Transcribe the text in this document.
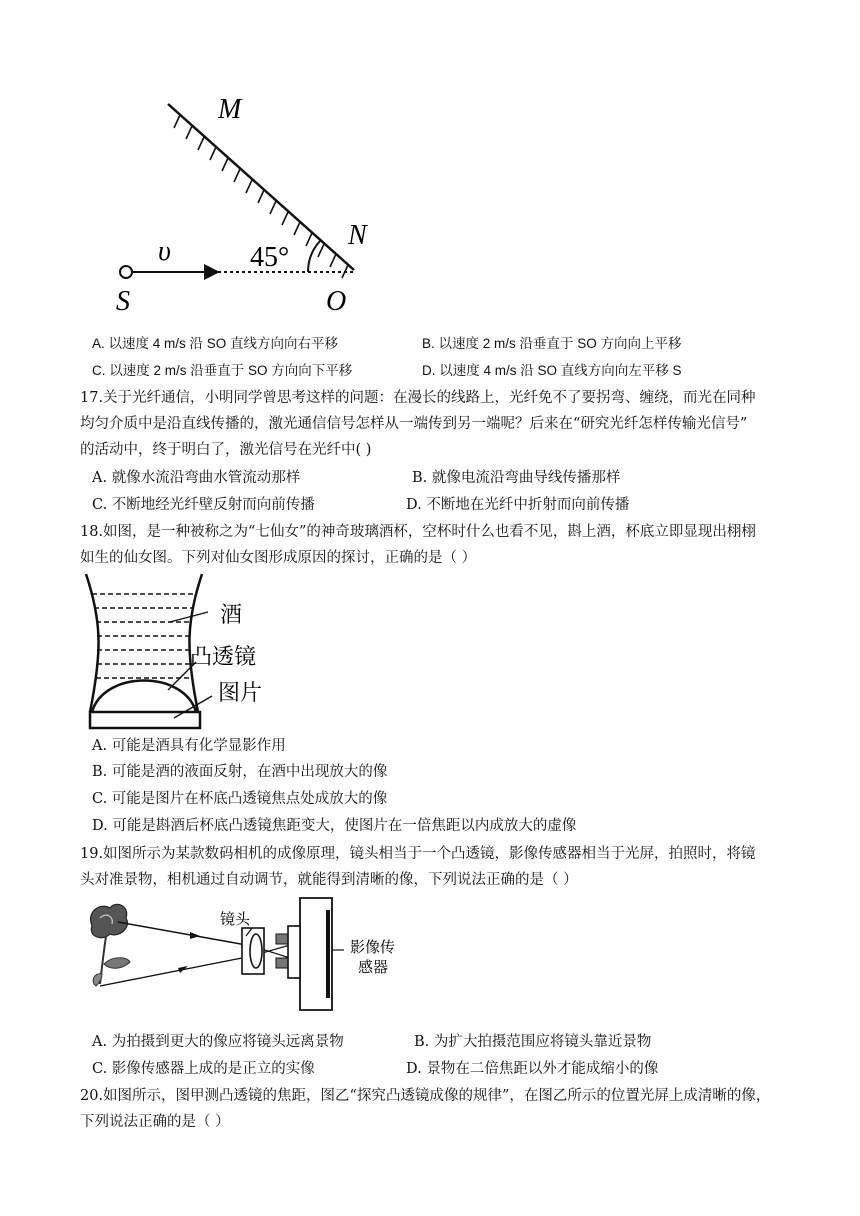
M
N
O
S
υ	45°
A. 以速度 4 m/s 沿 SO 直线方向向右平移	B. 以速度 2 m/s 沿垂直于 SO 方向向上平移
C. 以速度 2 m/s 沿垂直于 SO 方向向下平移	D. 以速度 4 m/s 沿 SO 直线方向向左平移 S
17.关于光纤通信，小明同学曾思考这样的问题：在漫长的线路上，光纤免不了要拐弯、缠绕，而光在同种
均匀介质中是沿直线传播的，激光通信信号怎样从一端传到另一端呢？后来在“研究光纤怎样传输光信号”
的活动中，终于明白了，激光信号在光纤中( )
A. 就像水流沿弯曲水管流动那样	B. 就像电流沿弯曲导线传播那样
C. 不断地经光纤壁反射而向前传播	D. 不断地在光纤中折射而向前传播
18.如图，是一种被称之为“七仙女”的神奇玻璃酒杯，空杯时什么也看不见，斟上酒，杯底立即显现出栩栩
如生的仙女图。下列对仙女图形成原因的探讨，正确的是（ ）
酒
凸透镜
图片
A. 可能是酒具有化学显影作用
B. 可能是酒的液面反射，在酒中出现放大的像
C. 可能是图片在杯底凸透镜焦点处成放大的像
D. 可能是斟酒后杯底凸透镜焦距变大，使图片在一倍焦距以内成放大的虚像
19.如图所示为某款数码相机的成像原理，镜头相当于一个凸透镜，影像传感器相当于光屏，拍照时，将镜
头对准景物，相机通过自动调节，就能得到清晰的像，下列说法正确的是（ ）
镜头
影像传
感器
A. 为拍摄到更大的像应将镜头远离景物	B. 为扩大拍摄范围应将镜头靠近景物
C. 影像传感器上成的是正立的实像	D. 景物在二倍焦距以外才能成缩小的像
20.如图所示，图甲测凸透镜的焦距，图乙“探究凸透镜成像的规律”，在图乙所示的位置光屏上成清晰的像，
下列说法正确的是（ ）
